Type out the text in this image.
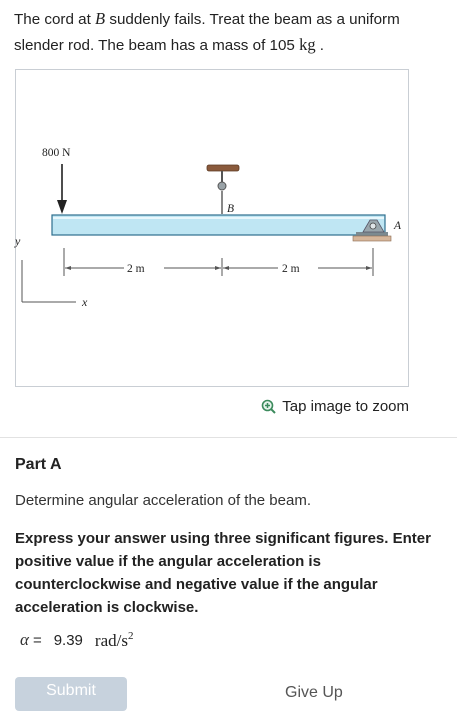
The cord at B suddenly fails. Treat the beam as a uniform slender rod. The beam has a mass of 105 kg .
800 N
B
A
2 m	2 m
y
x
Tap image to zoom
Part A
Determine angular acceleration of the beam.
Express your answer using three significant figures. Enter positive value if the angular acceleration is counterclockwise and negative value if the angular acceleration is clockwise.
α = 9.39 rad/$s^2$
Submit	Give Up
